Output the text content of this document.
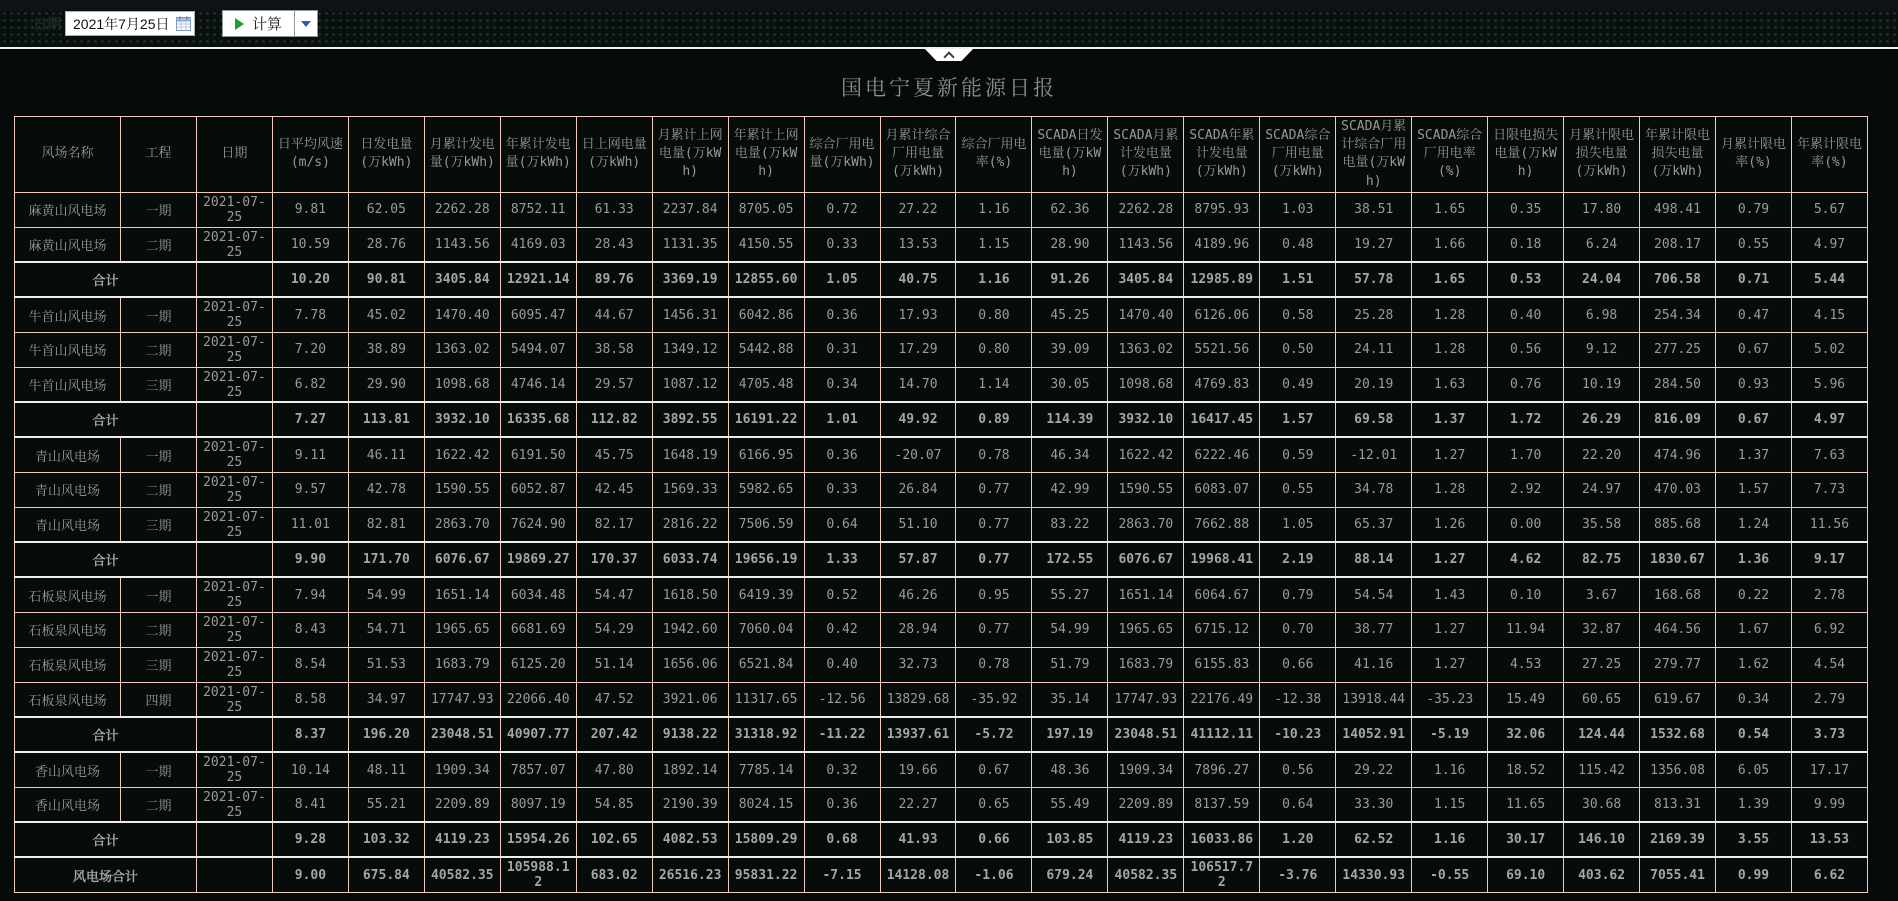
日期
2021年7月25日	计算
国电宁夏新能源日报
风场名称	工程	日期	日平均风速(m/s)	日发电量(万kWh)	月累计发电量(万kWh)	年累计发电量(万kWh)	日上网电量(万kWh)	月累计上网电量(万kWh)	年累计上网电量(万kWh)	综合厂用电量(万kWh)	月累计综合厂用电量(万kWh)	综合厂用电率(%)	SCADA日发电量(万kWh)	SCADA月累计发电量(万kWh)	SCADA年累计发电量(万kWh)	SCADA综合厂用电量(万kWh)	SCADA月累计综合厂用电量(万kWh)	SCADA综合厂用电率(%)	日限电损失电量(万kWh)	月累计限电损失电量(万kWh)	年累计限电损失电量(万kWh)	月累计限电率(%)	年累计限电率(%)
麻黄山风电场	一期	2021-07-25	9.81	62.05	2262.28	8752.11	61.33	2237.84	8705.05	0.72	27.22	1.16	62.36	2262.28	8795.93	1.03	38.51	1.65	0.35	17.80	498.41	0.79	5.67
麻黄山风电场	二期	2021-07-25	10.59	28.76	1143.56	4169.03	28.43	1131.35	4150.55	0.33	13.53	1.15	28.90	1143.56	4189.96	0.48	19.27	1.66	0.18	6.24	208.17	0.55	4.97
合计			10.20	90.81	3405.84	12921.14	89.76	3369.19	12855.60	1.05	40.75	1.16	91.26	3405.84	12985.89	1.51	57.78	1.65	0.53	24.04	706.58	0.71	5.44
牛首山风电场	一期	2021-07-25	7.78	45.02	1470.40	6095.47	44.67	1456.31	6042.86	0.36	17.93	0.80	45.25	1470.40	6126.06	0.58	25.28	1.28	0.40	6.98	254.34	0.47	4.15
牛首山风电场	二期	2021-07-25	7.20	38.89	1363.02	5494.07	38.58	1349.12	5442.88	0.31	17.29	0.80	39.09	1363.02	5521.56	0.50	24.11	1.28	0.56	9.12	277.25	0.67	5.02
牛首山风电场	三期	2021-07-25	6.82	29.90	1098.68	4746.14	29.57	1087.12	4705.48	0.34	14.70	1.14	30.05	1098.68	4769.83	0.49	20.19	1.63	0.76	10.19	284.50	0.93	5.96
合计			7.27	113.81	3932.10	16335.68	112.82	3892.55	16191.22	1.01	49.92	0.89	114.39	3932.10	16417.45	1.57	69.58	1.37	1.72	26.29	816.09	0.67	4.97
青山风电场	一期	2021-07-25	9.11	46.11	1622.42	6191.50	45.75	1648.19	6166.95	0.36	-20.07	0.78	46.34	1622.42	6222.46	0.59	-12.01	1.27	1.70	22.20	474.96	1.37	7.63
青山风电场	二期	2021-07-25	9.57	42.78	1590.55	6052.87	42.45	1569.33	5982.65	0.33	26.84	0.77	42.99	1590.55	6083.07	0.55	34.78	1.28	2.92	24.97	470.03	1.57	7.73
青山风电场	三期	2021-07-25	11.01	82.81	2863.70	7624.90	82.17	2816.22	7506.59	0.64	51.10	0.77	83.22	2863.70	7662.88	1.05	65.37	1.26	0.00	35.58	885.68	1.24	11.56
合计			9.90	171.70	6076.67	19869.27	170.37	6033.74	19656.19	1.33	57.87	0.77	172.55	6076.67	19968.41	2.19	88.14	1.27	4.62	82.75	1830.67	1.36	9.17
石板泉风电场	一期	2021-07-25	7.94	54.99	1651.14	6034.48	54.47	1618.50	6419.39	0.52	46.26	0.95	55.27	1651.14	6064.67	0.79	54.54	1.43	0.10	3.67	168.68	0.22	2.78
石板泉风电场	二期	2021-07-25	8.43	54.71	1965.65	6681.69	54.29	1942.60	7060.04	0.42	28.94	0.77	54.99	1965.65	6715.12	0.70	38.77	1.27	11.94	32.87	464.56	1.67	6.92
石板泉风电场	三期	2021-07-25	8.54	51.53	1683.79	6125.20	51.14	1656.06	6521.84	0.40	32.73	0.78	51.79	1683.79	6155.83	0.66	41.16	1.27	4.53	27.25	279.77	1.62	4.54
石板泉风电场	四期	2021-07-25	8.58	34.97	17747.93	22066.40	47.52	3921.06	11317.65	-12.56	13829.68	-35.92	35.14	17747.93	22176.49	-12.38	13918.44	-35.23	15.49	60.65	619.67	0.34	2.79
合计			8.37	196.20	23048.51	40907.77	207.42	9138.22	31318.92	-11.22	13937.61	-5.72	197.19	23048.51	41112.11	-10.23	14052.91	-5.19	32.06	124.44	1532.68	0.54	3.73
香山风电场	一期	2021-07-25	10.14	48.11	1909.34	7857.07	47.80	1892.14	7785.14	0.32	19.66	0.67	48.36	1909.34	7896.27	0.56	29.22	1.16	18.52	115.42	1356.08	6.05	17.17
香山风电场	二期	2021-07-25	8.41	55.21	2209.89	8097.19	54.85	2190.39	8024.15	0.36	22.27	0.65	55.49	2209.89	8137.59	0.64	33.30	1.15	11.65	30.68	813.31	1.39	9.99
合计			9.28	103.32	4119.23	15954.26	102.65	4082.53	15809.29	0.68	41.93	0.66	103.85	4119.23	16033.86	1.20	62.52	1.16	30.17	146.10	2169.39	3.55	13.53
风电场合计			9.00	675.84	40582.35	105988.12	683.02	26516.23	95831.22	-7.15	14128.08	-1.06	679.24	40582.35	106517.72	-3.76	14330.93	-0.55	69.10	403.62	7055.41	0.99	6.62
